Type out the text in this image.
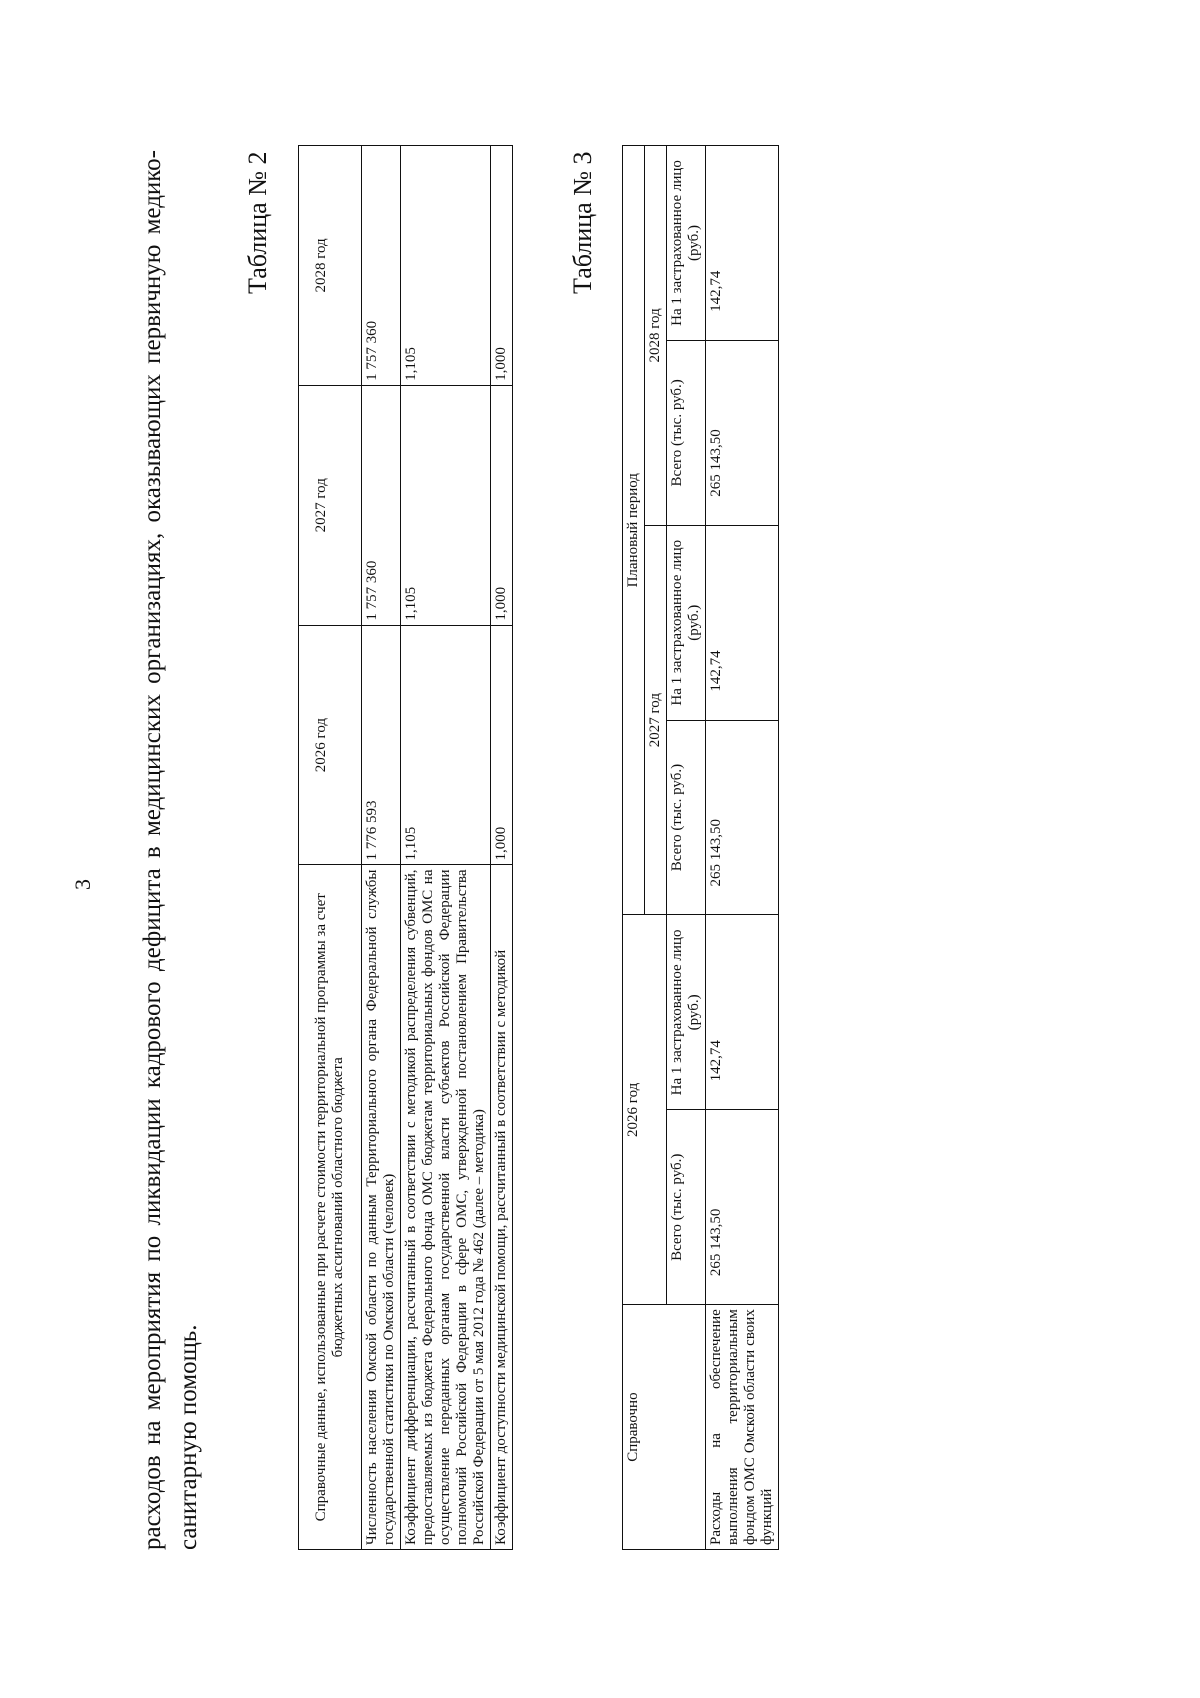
3 расходов на мероприятия по ликвидации кадрового дефицита в медицинских организациях, оказывающих первичную медико-санитарную помощь.
Таблица № 2
Справочные данные, использованные при расчете стоимости территориальной программы за счет бюджетных ассигнований областного бюджета	2026 год	2027 год	2028 год
Численность населения Омской области по данным Территориального органа Федеральной службы государственной статистики по Омской области (человек)	1 776 593	1 757 360	1 757 360
Коэффициент дифференциации, рассчитанный в соответствии с методикой распределения субвенций, предоставляемых из бюджета Федерального фонда ОМС бюджетам территориальных фондов ОМС на осуществление переданных органам государственной власти субъектов Российской Федерации полномочий Российской Федерации в сфере ОМС, утвержденной постановлением Правительства Российской Федерации от 5 мая 2012 года № 462 (далее – методика)	1,105	1,105	1,105
Коэффициент доступности медицинской помощи, рассчитанный в соответствии с методикой	1,000	1,000	1,000
Таблица № 3
Справочно	2026 год		Плановый период			
			2027 год		2028 год	
	Всего (тыс. руб.)	На 1 застрахованное лицо (руб.)	Всего (тыс. руб.)	На 1 застрахованное лицо (руб.)	Всего (тыс. руб.)	На 1 застрахованное лицо (руб.)
Расходы на обеспечение выполнения территориальным фондом ОМС Омской области своих функций	265 143,50	142,74	265 143,50	142,74	265 143,50	142,74
